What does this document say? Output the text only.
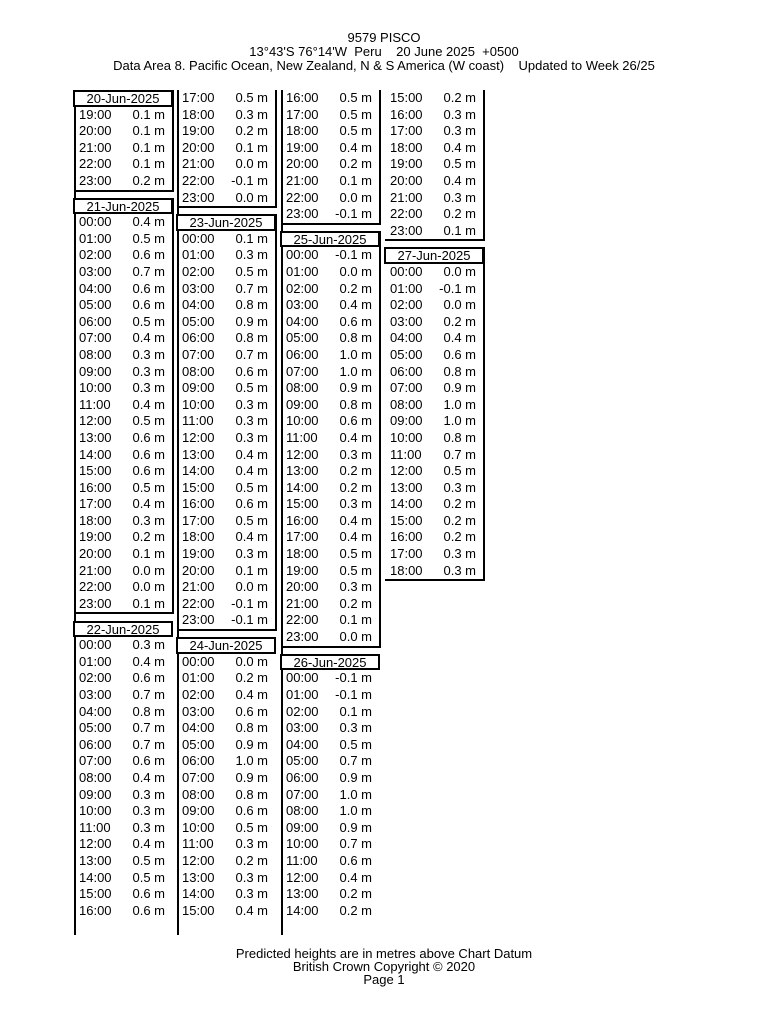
9579 PISCO
13°43'S 76°14'W  Peru    20 June 2025  +0500
Data Area 8. Pacific Ocean, New Zealand, N & S America (W coast)    Updated to Week 26/25
20-Jun-2025
19:00 0.1 m
20:00 0.1 m
21:00 0.1 m
22:00 0.1 m
23:00 0.2 m
21-Jun-2025
00:00 0.4 m
01:00 0.5 m
02:00 0.6 m
03:00 0.7 m
04:00 0.6 m
05:00 0.6 m
06:00 0.5 m
07:00 0.4 m
08:00 0.3 m
09:00 0.3 m
10:00 0.3 m
11:00 0.4 m
12:00 0.5 m
13:00 0.6 m
14:00 0.6 m
15:00 0.6 m
16:00 0.5 m
17:00 0.4 m
18:00 0.3 m
19:00 0.2 m
20:00 0.1 m
21:00 0.0 m
22:00 0.0 m
23:00 0.1 m
22-Jun-2025
00:00 0.3 m
01:00 0.4 m
02:00 0.6 m
03:00 0.7 m
04:00 0.8 m
05:00 0.7 m
06:00 0.7 m
07:00 0.6 m
08:00 0.4 m
09:00 0.3 m
10:00 0.3 m
11:00 0.3 m
12:00 0.4 m
13:00 0.5 m
14:00 0.5 m
15:00 0.6 m
16:00 0.6 m
17:00 0.5 m
18:00 0.3 m
19:00 0.2 m
20:00 0.1 m
21:00 0.0 m
22:00 -0.1 m
23:00 0.0 m
23-Jun-2025
00:00 0.1 m
01:00 0.3 m
02:00 0.5 m
03:00 0.7 m
04:00 0.8 m
05:00 0.9 m
06:00 0.8 m
07:00 0.7 m
08:00 0.6 m
09:00 0.5 m
10:00 0.3 m
11:00 0.3 m
12:00 0.3 m
13:00 0.4 m
14:00 0.4 m
15:00 0.5 m
16:00 0.6 m
17:00 0.5 m
18:00 0.4 m
19:00 0.3 m
20:00 0.1 m
21:00 0.0 m
22:00 -0.1 m
23:00 -0.1 m
24-Jun-2025
00:00 0.0 m
01:00 0.2 m
02:00 0.4 m
03:00 0.6 m
04:00 0.8 m
05:00 0.9 m
06:00 1.0 m
07:00 0.9 m
08:00 0.8 m
09:00 0.6 m
10:00 0.5 m
11:00 0.3 m
12:00 0.2 m
13:00 0.3 m
14:00 0.3 m
15:00 0.4 m
16:00 0.5 m
17:00 0.5 m
18:00 0.5 m
19:00 0.4 m
20:00 0.2 m
21:00 0.1 m
22:00 0.0 m
23:00 -0.1 m
25-Jun-2025
00:00 -0.1 m
01:00 0.0 m
02:00 0.2 m
03:00 0.4 m
04:00 0.6 m
05:00 0.8 m
06:00 1.0 m
07:00 1.0 m
08:00 0.9 m
09:00 0.8 m
10:00 0.6 m
11:00 0.4 m
12:00 0.3 m
13:00 0.2 m
14:00 0.2 m
15:00 0.3 m
16:00 0.4 m
17:00 0.4 m
18:00 0.5 m
19:00 0.5 m
20:00 0.3 m
21:00 0.2 m
22:00 0.1 m
23:00 0.0 m
26-Jun-2025
00:00 -0.1 m
01:00 -0.1 m
02:00 0.1 m
03:00 0.3 m
04:00 0.5 m
05:00 0.7 m
06:00 0.9 m
07:00 1.0 m
08:00 1.0 m
09:00 0.9 m
10:00 0.7 m
11:00 0.6 m
12:00 0.4 m
13:00 0.2 m
14:00 0.2 m
15:00 0.2 m
16:00 0.3 m
17:00 0.3 m
18:00 0.4 m
19:00 0.5 m
20:00 0.4 m
21:00 0.3 m
22:00 0.2 m
23:00 0.1 m
27-Jun-2025
00:00 0.0 m
01:00 -0.1 m
02:00 0.0 m
03:00 0.2 m
04:00 0.4 m
05:00 0.6 m
06:00 0.8 m
07:00 0.9 m
08:00 1.0 m
09:00 1.0 m
10:00 0.8 m
11:00 0.7 m
12:00 0.5 m
13:00 0.3 m
14:00 0.2 m
15:00 0.2 m
16:00 0.2 m
17:00 0.3 m
18:00 0.3 m
Predicted heights are in metres above Chart Datum
British Crown Copyright © 2020
Page 1
